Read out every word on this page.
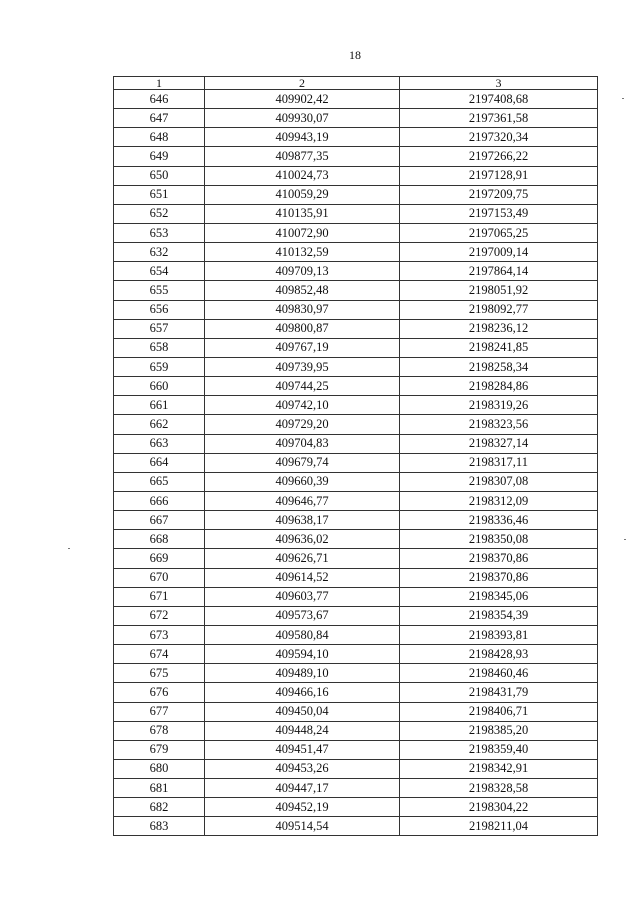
18
1	2	3
646	409902,42	2197408,68
647	409930,07	2197361,58
648	409943,19	2197320,34
649	409877,35	2197266,22
650	410024,73	2197128,91
651	410059,29	2197209,75
652	410135,91	2197153,49
653	410072,90	2197065,25
632	410132,59	2197009,14
654	409709,13	2197864,14
655	409852,48	2198051,92
656	409830,97	2198092,77
657	409800,87	2198236,12
658	409767,19	2198241,85
659	409739,95	2198258,34
660	409744,25	2198284,86
661	409742,10	2198319,26
662	409729,20	2198323,56
663	409704,83	2198327,14
664	409679,74	2198317,11
665	409660,39	2198307,08
666	409646,77	2198312,09
667	409638,17	2198336,46
668	409636,02	2198350,08
669	409626,71	2198370,86
670	409614,52	2198370,86
671	409603,77	2198345,06
672	409573,67	2198354,39
673	409580,84	2198393,81
674	409594,10	2198428,93
675	409489,10	2198460,46
676	409466,16	2198431,79
677	409450,04	2198406,71
678	409448,24	2198385,20
679	409451,47	2198359,40
680	409453,26	2198342,91
681	409447,17	2198328,58
682	409452,19	2198304,22
683	409514,54	2198211,04
